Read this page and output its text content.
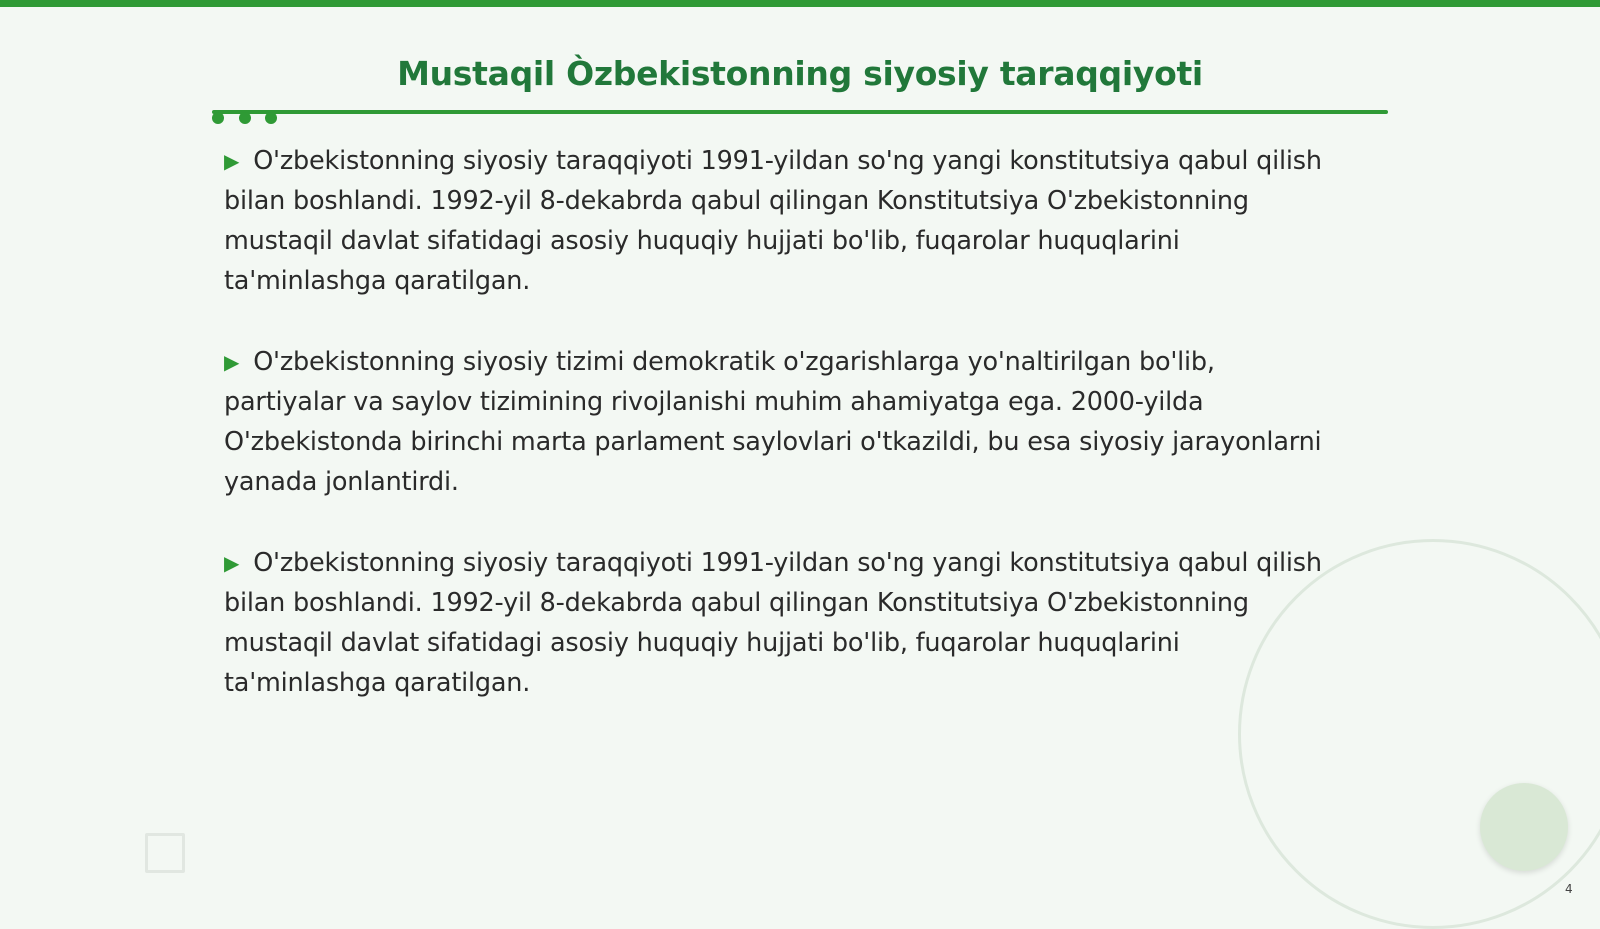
Mustaqil Òzbekistonning siyosiy taraqqiyoti

▶ O'zbekistonning siyosiy taraqqiyoti 1991-yildan so'ng yangi konstitutsiya qabul qilish bilan boshlandi. 1992-yil 8-dekabrda qabul qilingan Konstitutsiya O'zbekistonning mustaqil davlat sifatidagi asosiy huquqiy hujjati bo'lib, fuqarolar huquqlarini ta'minlashga qaratilgan.

▶ O'zbekistonning siyosiy tizimi demokratik o'zgarishlarga yo'naltirilgan bo'lib, partiyalar va saylov tizimining rivojlanishi muhim ahamiyatga ega. 2000-yilda O'zbekistonda birinchi marta parlament saylovlari o'tkazildi, bu esa siyosiy jarayonlarni yanada jonlantirdi.

▶ O'zbekistonning siyosiy taraqqiyoti 1991-yildan so'ng yangi konstitutsiya qabul qilish bilan boshlandi. 1992-yil 8-dekabrda qabul qilingan Konstitutsiya O'zbekistonning mustaqil davlat sifatidagi asosiy huquqiy hujjati bo'lib, fuqarolar huquqlarini ta'minlashga qaratilgan.

4
